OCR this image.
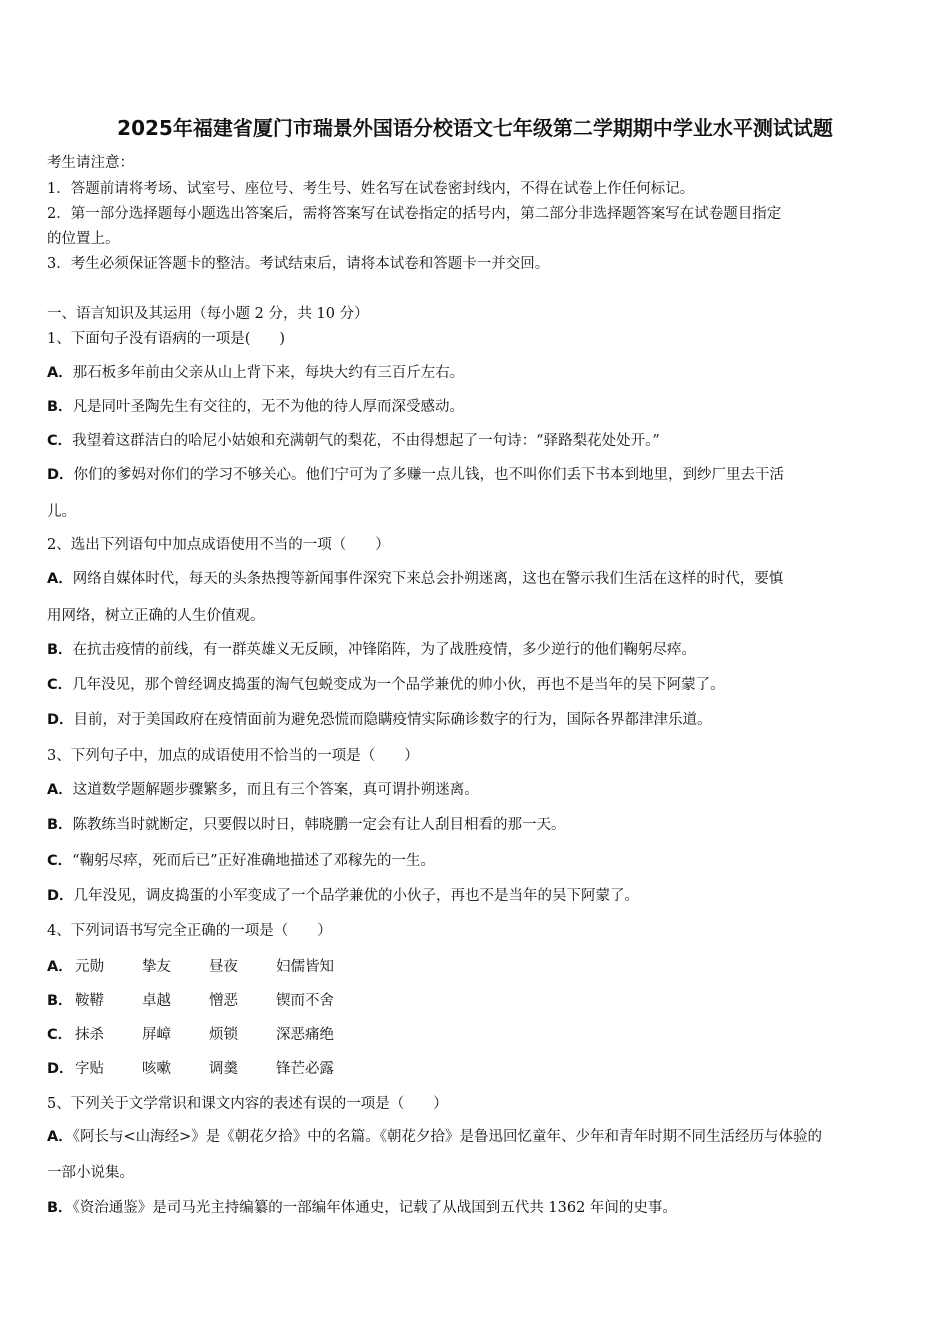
2025年福建省厦门市瑞景外国语分校语文七年级第二学期期中学业水平测试试题
考生请注意：
1．答题前请将考场、试室号、座位号、考生号、姓名写在试卷密封线内，不得在试卷上作任何标记。
2．第一部分选择题每小题选出答案后，需将答案写在试卷指定的括号内，第二部分非选择题答案写在试卷题目指定
的位置上。
3．考生必须保证答题卡的整洁。考试结束后，请将本试卷和答题卡一并交回。
一、语言知识及其运用（每小题 2 分，共 10 分）
1、下面句子没有语病的一项是(　　)
A．那石板多年前由父亲从山上背下来，每块大约有三百斤左右。
B．凡是同叶圣陶先生有交往的，无不为他的待人厚而深受感动。
C．我望着这群洁白的哈尼小姑娘和充满朝气的梨花，不由得想起了一句诗：“驿路梨花处处开。”
D．你们的爹妈对你们的学习不够关心。他们宁可为了多赚一点儿钱，也不叫你们丢下书本到地里，到纱厂里去干活
儿。
2、选出下列语句中加点成语使用不当的一项（　　）
A．网络自媒体时代，每天的头条热搜等新闻事件深究下来总会扑朔迷离，这也在警示我们生活在这样的时代，要慎
用网络，树立正确的人生价值观。
B．在抗击疫情的前线，有一群英雄义无反顾，冲锋陷阵，为了战胜疫情，多少逆行的他们鞠躬尽瘁。
C．几年没见，那个曾经调皮捣蛋的淘气包蜕变成为一个品学兼优的帅小伙，再也不是当年的吴下阿蒙了。
D．目前，对于美国政府在疫情面前为避免恐慌而隐瞒疫情实际确诊数字的行为，国际各界都津津乐道。
3、下列句子中，加点的成语使用不恰当的一项是（　　）
A．这道数学题解题步骤繁多，而且有三个答案，真可谓扑朔迷离。
B．陈教练当时就断定，只要假以时日，韩晓鹏一定会有让人刮目相看的那一天。
C．“鞠躬尽瘁，死而后已”正好准确地描述了邓稼先的一生。
D．几年没见，调皮捣蛋的小军变成了一个品学兼优的小伙子，再也不是当年的吴下阿蒙了。
4、下列词语书写完全正确的一项是（　　）
A． 元勋	挚友	昼夜	妇儒皆知
B． 鞍鞯	卓越	憎恶	锲而不舍
C． 抹杀	屏嶂	烦锁	深恶痛绝
D．字贴	咳嗽	调羹	锋芒必露
5、下列关于文学常识和课文内容的表述有误的一项是（　　）
A．《阿长与<山海经>》是《朝花夕拾》中的名篇。《朝花夕拾》是鲁迅回忆童年、少年和青年时期不同生活经历与体验的
一部小说集。
B．《资治通鉴》是司马光主持编纂的一部编年体通史，记载了从战国到五代共 1362 年间的史事。
